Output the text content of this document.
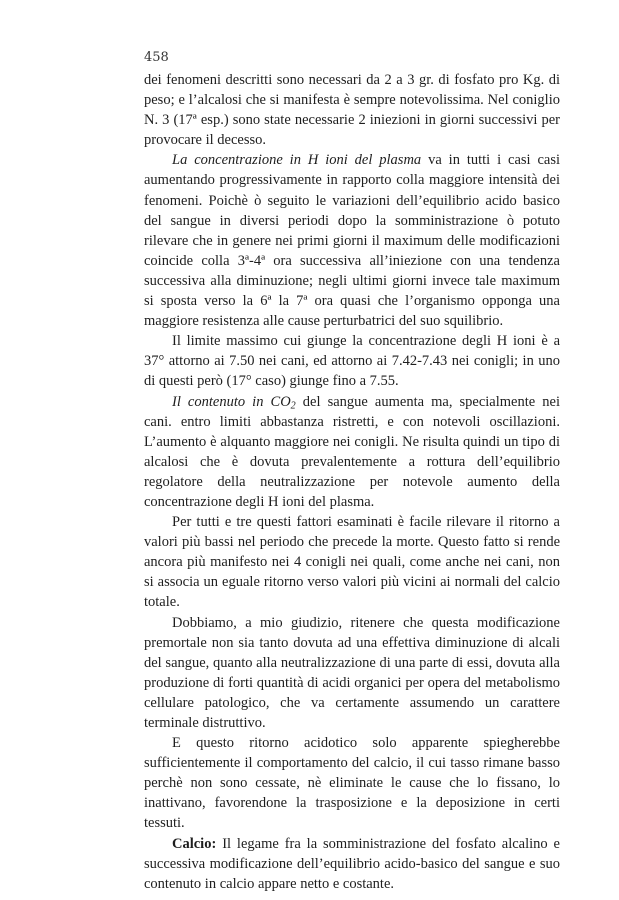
458

dei fenomeni descritti sono necessari da 2 a 3 gr. di fosfato pro Kg. di peso; e l’alcalosi che si manifesta è sempre notevolissima. Nel coniglio N. 3 (17ª esp.) sono state necessarie 2 iniezioni in giorni successivi per provocare il decesso.

La concentrazione in H ioni del plasma va in tutti i casi casi aumentando progressivamente in rapporto colla maggiore intensità dei fenomeni. Poichè ò seguito le variazioni dell’equilibrio acido basico del sangue in diversi periodi dopo la somministrazione ò potuto rilevare che in genere nei primi giorni il maximum delle modificazioni coincide colla 3ª-4ª ora successiva all’iniezione con una tendenza successiva alla diminuzione; negli ultimi giorni invece tale maximum si sposta verso la 6ª la 7ª ora quasi che l’organismo opponga una maggiore resistenza alle cause perturbatrici del suo squilibrio.

Il limite massimo cui giunge la concentrazione degli H ioni è a 37° attorno ai 7.50 nei cani, ed attorno ai 7.42-7.43 nei conigli; in uno di questi però (17° caso) giunge fino a 7.55.

Il contenuto in $CO_2$ del sangue aumenta ma, specialmente nei cani. entro limiti abbastanza ristretti, e con notevoli oscillazioni. L’aumento è alquanto maggiore nei conigli. Ne risulta quindi un tipo di alcalosi che è dovuta prevalentemente a rottura dell’equilibrio regolatore della neutralizzazione per notevole aumento della concentrazione degli H ioni del plasma.

Per tutti e tre questi fattori esaminati è facile rilevare il ritorno a valori più bassi nel periodo che precede la morte. Questo fatto si rende ancora più manifesto nei 4 conigli nei quali, come anche nei cani, non si associa un eguale ritorno verso valori più vicini ai normali del calcio totale.

Dobbiamo, a mio giudizio, ritenere che questa modificazione premortale non sia tanto dovuta ad una effettiva diminuzione di alcali del sangue, quanto alla neutralizzazione di una parte di essi, dovuta alla produzione di forti quantità di acidi organici per opera del metabolismo cellulare patologico, che va certamente assumendo un carattere terminale distruttivo.

E questo ritorno acidotico solo apparente spiegherebbe sufficientemente il comportamento del calcio, il cui tasso rimane basso perchè non sono cessate, nè eliminate le cause che lo fissano, lo inattivano, favorendone la trasposizione e la deposizione in certi tessuti.

Calcio: Il legame fra la somministrazione del fosfato alcalino e successiva modificazione dell’equilibrio acido-basico del sangue e suo contenuto in calcio appare netto e costante.
